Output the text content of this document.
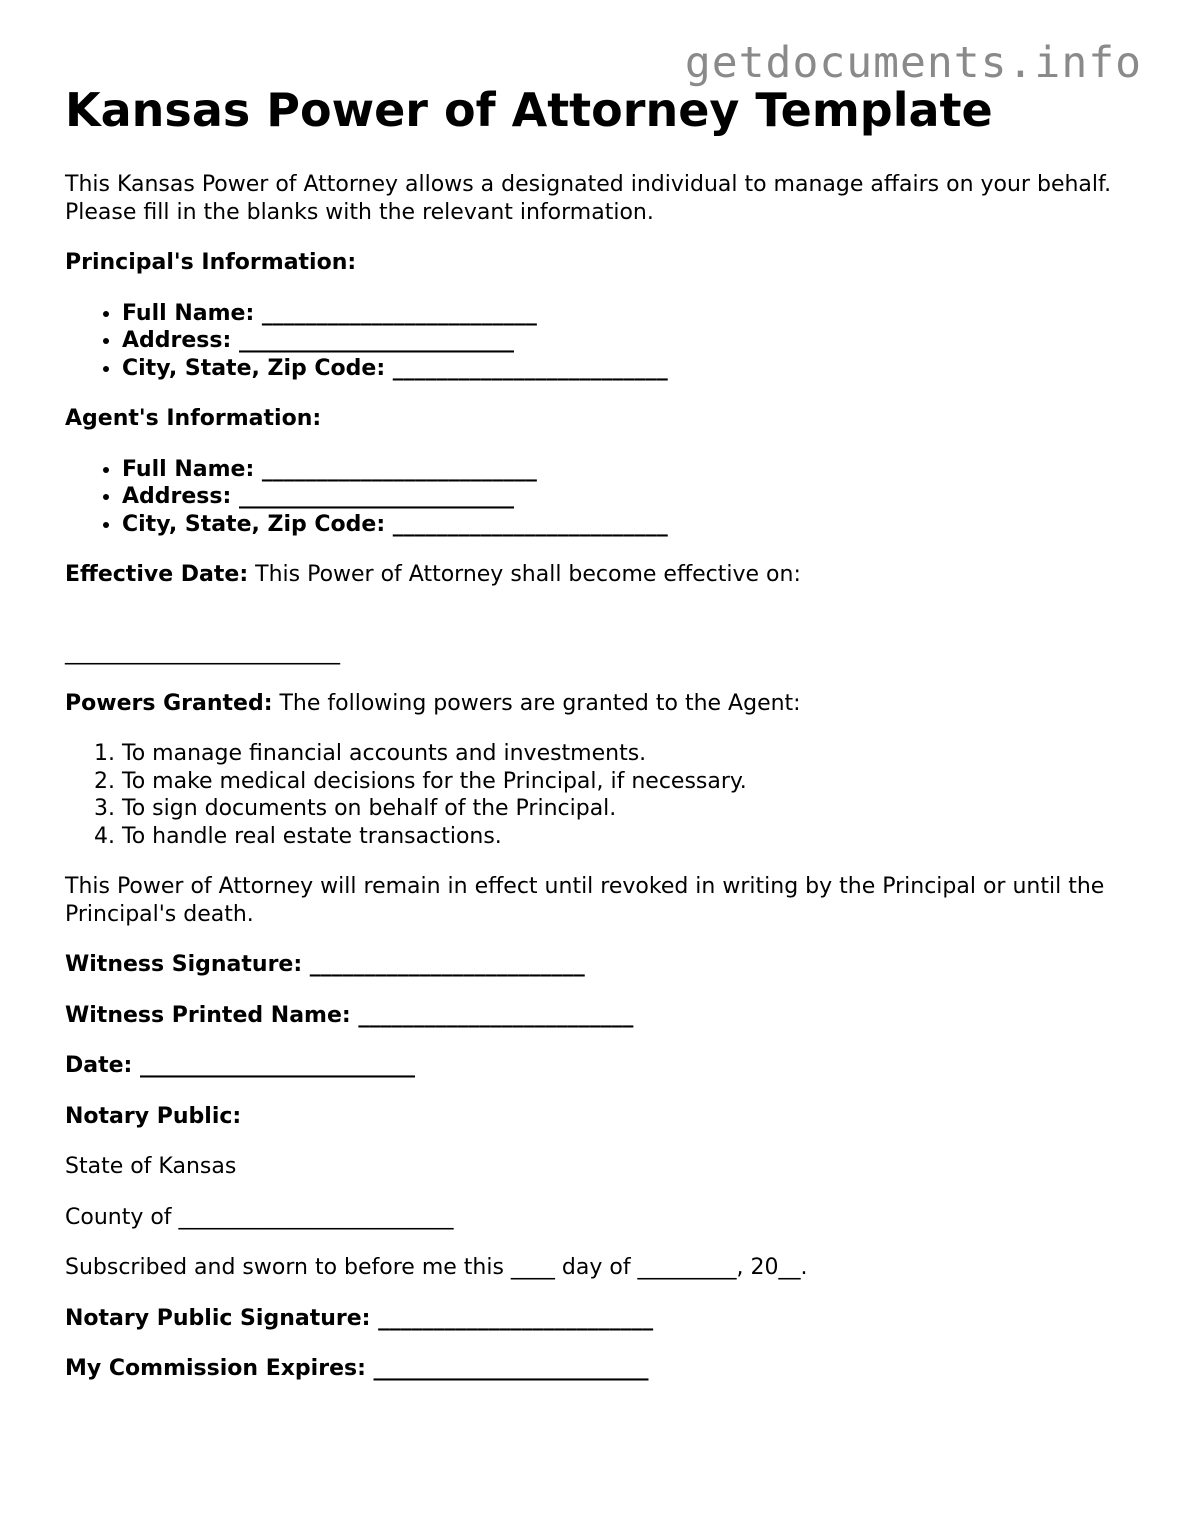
getdocuments.info
Kansas Power of Attorney Template

This Kansas Power of Attorney allows a designated individual to manage affairs on your behalf. Please fill in the blanks with the relevant information.

Principal's Information:

• Full Name: _________________________
• Address: _________________________
• City, State, Zip Code: _________________________

Agent's Information:

• Full Name: _________________________
• Address: _________________________
• City, State, Zip Code: _________________________

Effective Date: This Power of Attorney shall become effective on:

_________________________

Powers Granted: The following powers are granted to the Agent:

1. To manage financial accounts and investments.
2. To make medical decisions for the Principal, if necessary.
3. To sign documents on behalf of the Principal.
4. To handle real estate transactions.

This Power of Attorney will remain in effect until revoked in writing by the Principal or until the Principal's death.

Witness Signature: _________________________

Witness Printed Name: _________________________

Date: _________________________

Notary Public:

State of Kansas

County of _________________________

Subscribed and sworn to before me this ____ day of _________, 20__.

Notary Public Signature: _________________________

My Commission Expires: _________________________
